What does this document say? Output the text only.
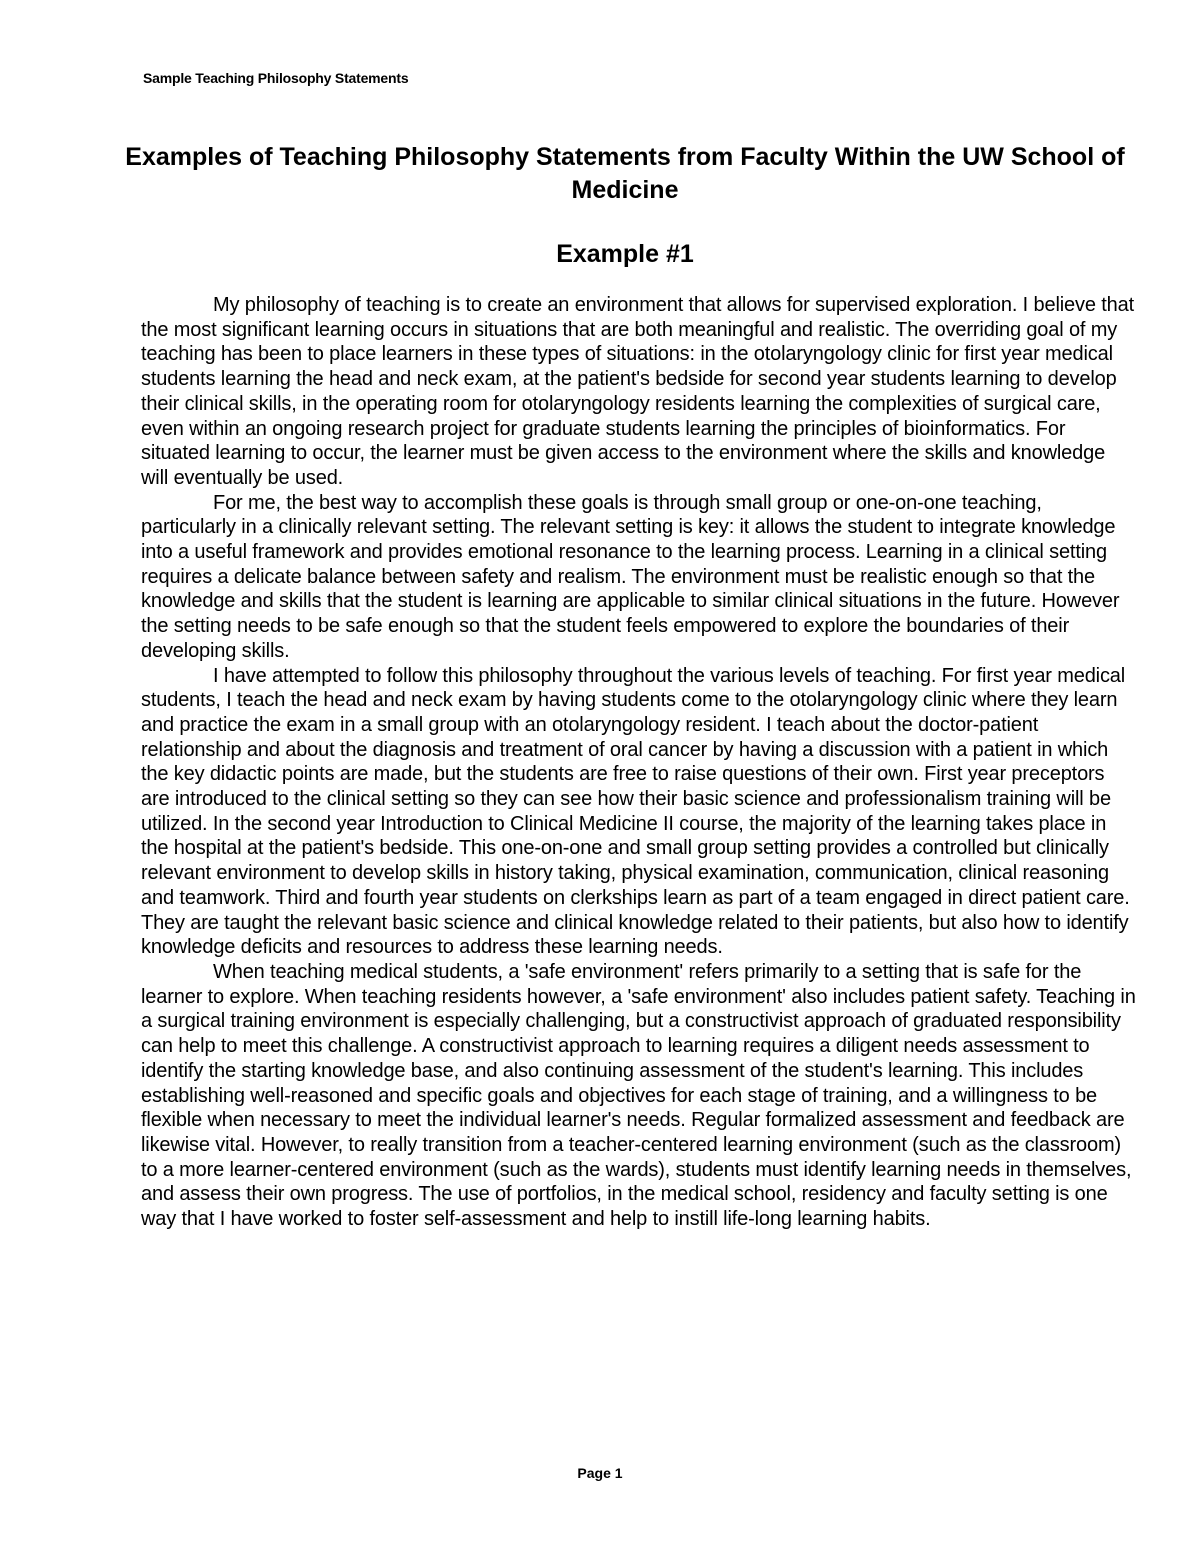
Sample Teaching Philosophy Statements
Examples of Teaching Philosophy Statements from Faculty Within the UW School of Medicine
Example #1

My philosophy of teaching is to create an environment that allows for supervised exploration. I believe that the most significant learning occurs in situations that are both meaningful and realistic. The overriding goal of my teaching has been to place learners in these types of situations: in the otolaryngology clinic for first year medical students learning the head and neck exam, at the patient's bedside for second year students learning to develop their clinical skills, in the operating room for otolaryngology residents learning the complexities of surgical care, even within an ongoing research project for graduate students learning the principles of bioinformatics. For situated learning to occur, the learner must be given access to the environment where the skills and knowledge will eventually be used.

For me, the best way to accomplish these goals is through small group or one-on-one teaching, particularly in a clinically relevant setting. The relevant setting is key: it allows the student to integrate knowledge into a useful framework and provides emotional resonance to the learning process. Learning in a clinical setting requires a delicate balance between safety and realism. The environment must be realistic enough so that the knowledge and skills that the student is learning are applicable to similar clinical situations in the future. However the setting needs to be safe enough so that the student feels empowered to explore the boundaries of their developing skills.

I have attempted to follow this philosophy throughout the various levels of teaching. For first year medical students, I teach the head and neck exam by having students come to the otolaryngology clinic where they learn and practice the exam in a small group with an otolaryngology resident. I teach about the doctor-patient relationship and about the diagnosis and treatment of oral cancer by having a discussion with a patient in which the key didactic points are made, but the students are free to raise questions of their own. First year preceptors are introduced to the clinical setting so they can see how their basic science and professionalism training will be utilized. In the second year Introduction to Clinical Medicine II course, the majority of the learning takes place in the hospital at the patient's bedside. This one-on-one and small group setting provides a controlled but clinically relevant environment to develop skills in history taking, physical examination, communication, clinical reasoning and teamwork. Third and fourth year students on clerkships learn as part of a team engaged in direct patient care. They are taught the relevant basic science and clinical knowledge related to their patients, but also how to identify knowledge deficits and resources to address these learning needs.

When teaching medical students, a 'safe environment' refers primarily to a setting that is safe for the learner to explore. When teaching residents however, a 'safe environment' also includes patient safety. Teaching in a surgical training environment is especially challenging, but a constructivist approach of graduated responsibility can help to meet this challenge. A constructivist approach to learning requires a diligent needs assessment to identify the starting knowledge base, and also continuing assessment of the student's learning. This includes establishing well-reasoned and specific goals and objectives for each stage of training, and a willingness to be flexible when necessary to meet the individual learner's needs. Regular formalized assessment and feedback are likewise vital. However, to really transition from a teacher-centered learning environment (such as the classroom) to a more learner-centered environment (such as the wards), students must identify learning needs in themselves, and assess their own progress. The use of portfolios, in the medical school, residency and faculty setting is one way that I have worked to foster self-assessment and help to instill life-long learning habits.

Page 1
